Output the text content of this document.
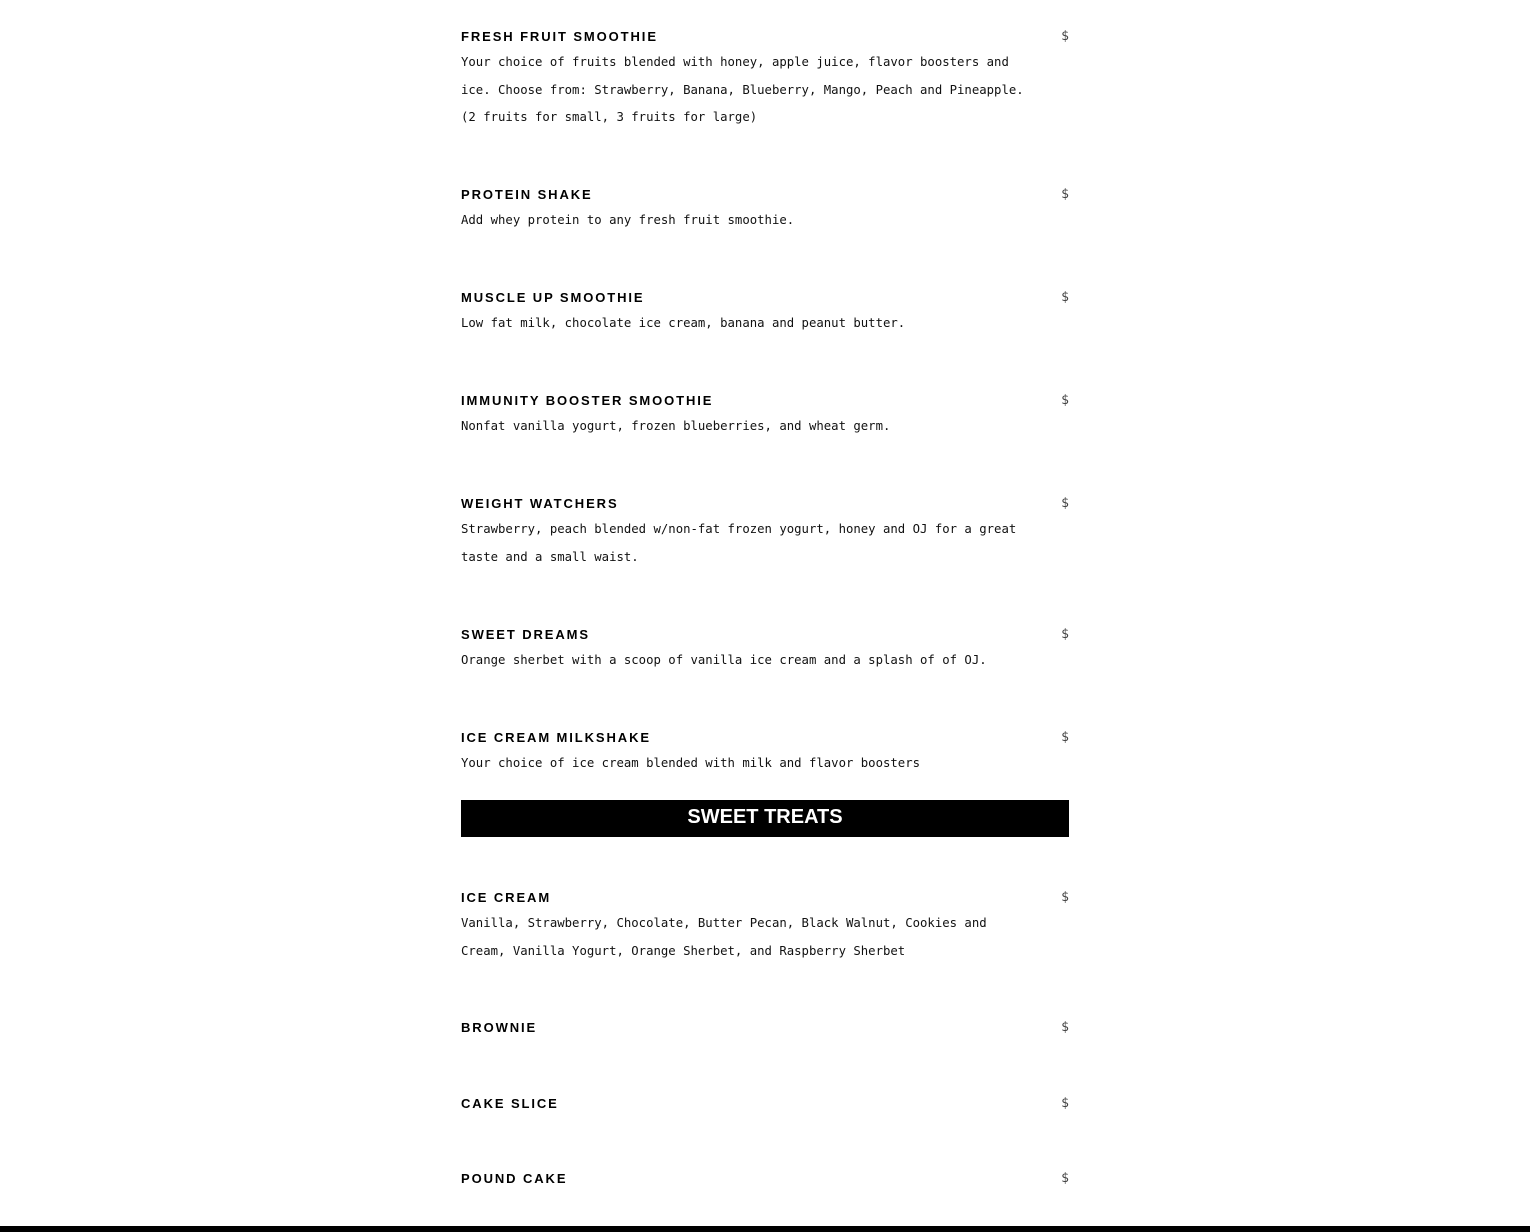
FRESH FRUIT SMOOTHIE	$
Your choice of fruits blended with honey, apple juice, flavor boosters and ice. Choose from: Strawberry, Banana, Blueberry, Mango, Peach and Pineapple. (2 fruits for small, 3 fruits for large)
PROTEIN SHAKE	$
Add whey protein to any fresh fruit smoothie.
MUSCLE UP SMOOTHIE	$
Low fat milk, chocolate ice cream, banana and peanut butter.
IMMUNITY BOOSTER SMOOTHIE	$
Nonfat vanilla yogurt, frozen blueberries, and wheat germ.
WEIGHT WATCHERS	$
Strawberry, peach blended w/non-fat frozen yogurt, honey and OJ for a great taste and a small waist.
SWEET DREAMS	$
Orange sherbet with a scoop of vanilla ice cream and a splash of of OJ.
ICE CREAM MILKSHAKE	$
Your choice of ice cream blended with milk and flavor boosters
SWEET TREATS
ICE CREAM	$
Vanilla, Strawberry, Chocolate, Butter Pecan, Black Walnut, Cookies and Cream, Vanilla Yogurt, Orange Sherbet, and Raspberry Sherbet
BROWNIE	$
CAKE SLICE	$
POUND CAKE	$
